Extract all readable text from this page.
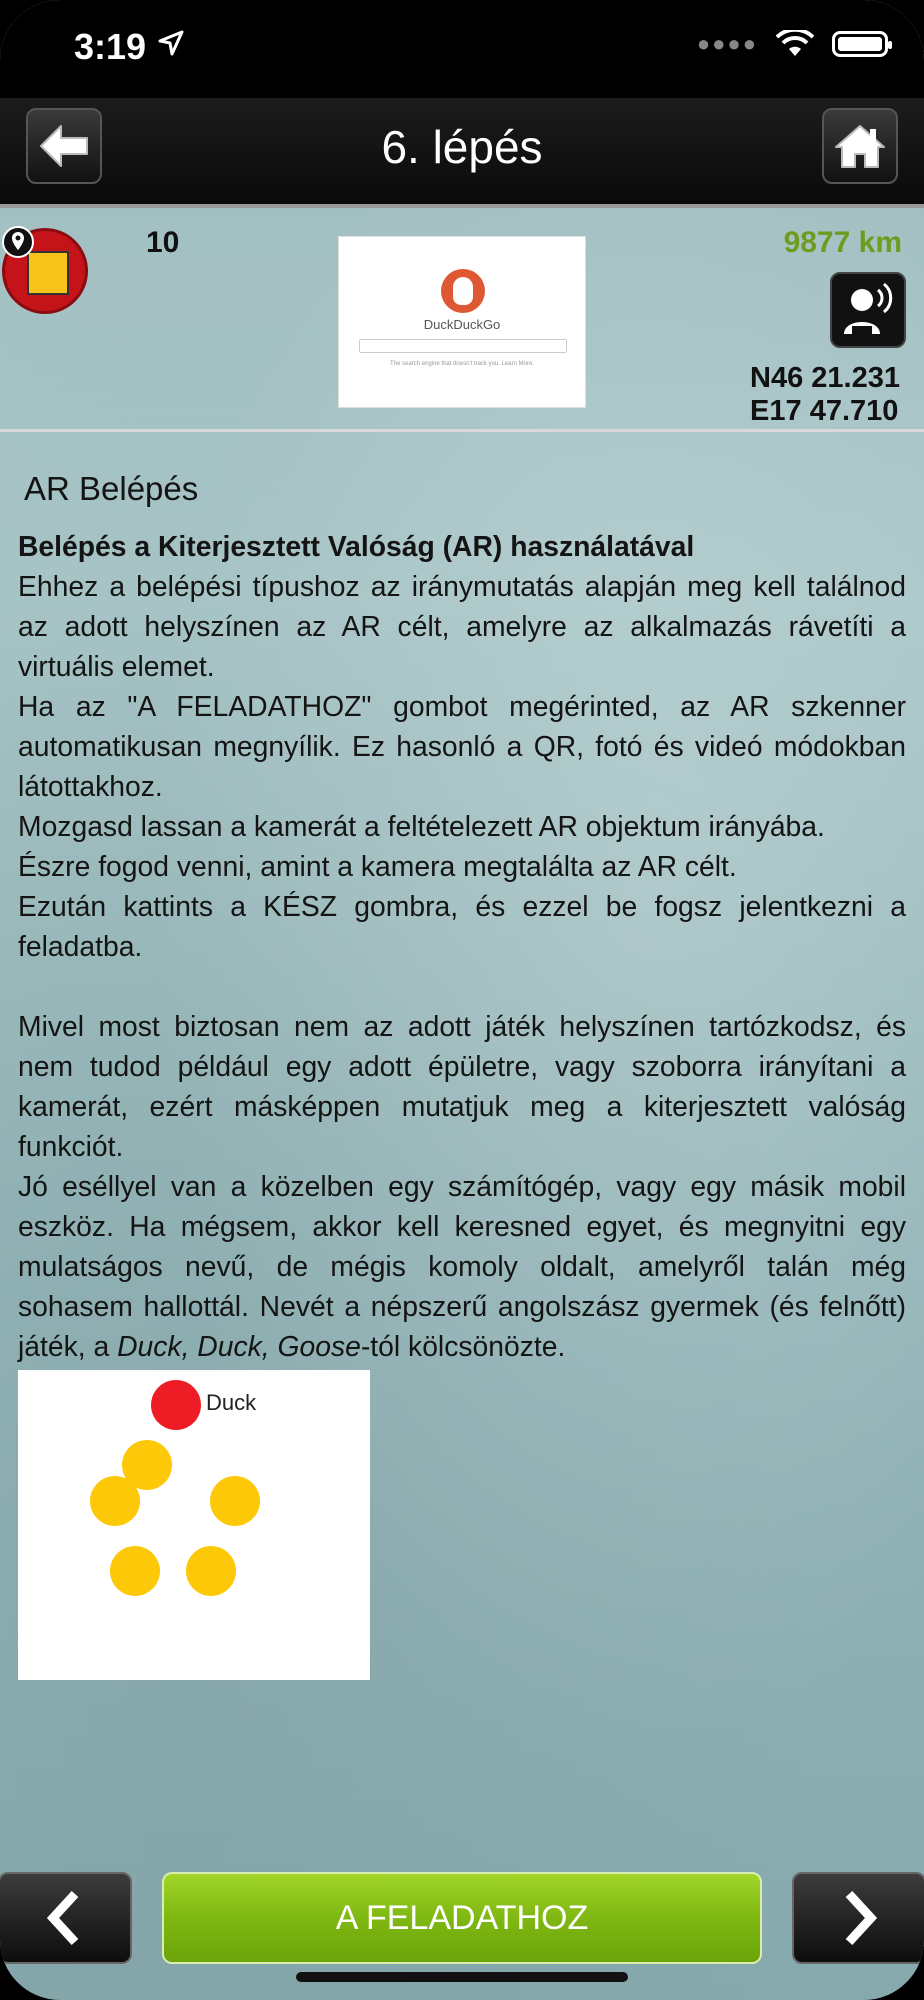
3:19	●●●●
6. lépés
10
DuckDuckGo
The search engine that doesn't track you. Learn More.
9877 km
N46 21.231
E17 47.710
AR Belépés
Belépés a Kiterjesztett Valóság (AR) használatával
Ehhez a belépési típushoz az iránymutatás alapján meg kell találnod az adott helyszínen az AR célt, amelyre az alkalmazás rávetíti a virtuális elemet.
Ha az "A FELADATHOZ" gombot megérinted, az AR szkenner automatikusan megnyílik. Ez hasonló a QR, fotó és videó módokban látottakhoz.
Mozgasd lassan a kamerát a feltételezett AR objektum irányába.
Észre fogod venni, amint a kamera megtalálta az AR célt.
Ezután kattints a KÉSZ gombra, és ezzel be fogsz jelentkezni a feladatba.
Mivel most biztosan nem az adott játék helyszínen tartózkodsz, és nem tudod például egy adott épületre, vagy szoborra irányítani a kamerát, ezért másképpen mutatjuk meg a kiterjesztett valóság funkciót.
Jó eséllyel van a közelben egy számítógép, vagy egy másik mobil eszköz. Ha mégsem, akkor kell keresned egyet, és megnyitni egy mulatságos nevű, de mégis komoly oldalt, amelyről talán még sohasem hallottál. Nevét a népszerű angolszász gyermek (és felnőtt) játék, a Duck, Duck, Goose-tól kölcsönözte.
Duck
A FELADATHOZ
